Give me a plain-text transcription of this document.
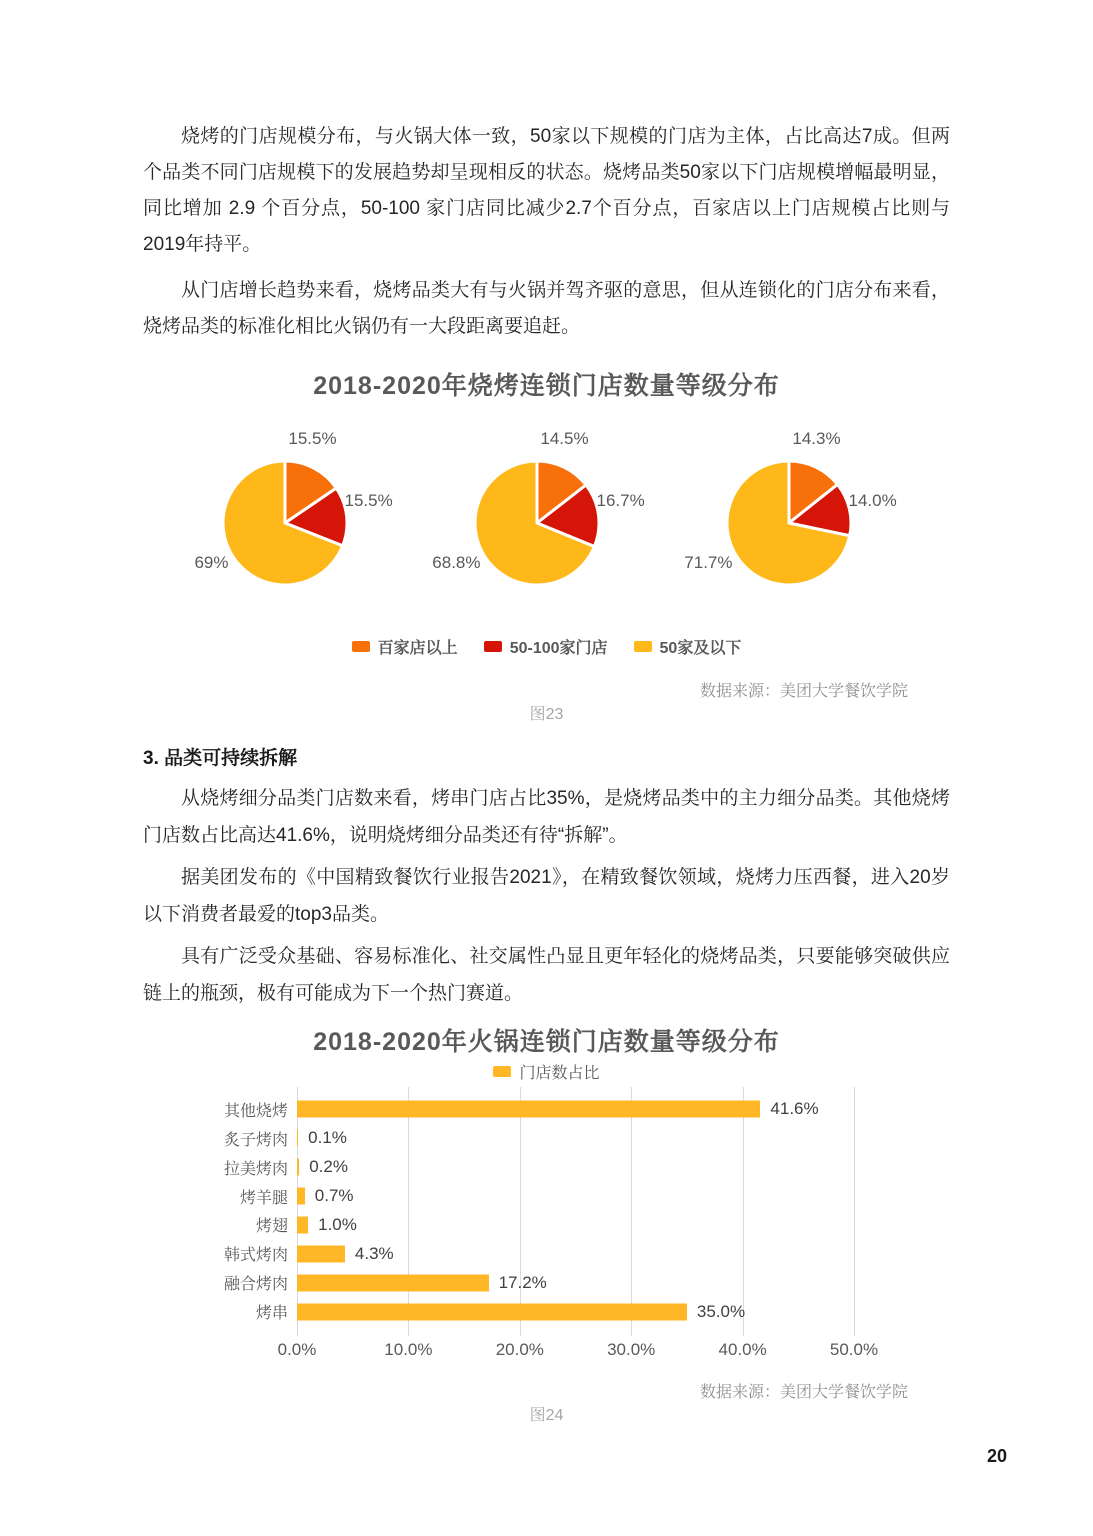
烧烤的门店规模分布，与火锅大体一致，50家以下规模的门店为主体，占比高达7成。但两个品类不同门店规模下的发展趋势却呈现相反的状态。烧烤品类50家以下门店规模增幅最明显，同比增加 2.9 个百分点，50-100 家门店同比减少2.7个百分点，百家店以上门店规模占比则与2019年持平。

从门店增长趋势来看，烧烤品类大有与火锅并驾齐驱的意思，但从连锁化的门店分布来看，烧烤品类的标准化相比火锅仍有一大段距离要追赶。

2018-2020年烧烤连锁门店数量等级分布
15.5%
15.5%
69%
14.5%
16.7%
68.8%
14.3%
14.0%
71.7%
百家店以上	50-100家门店	50家及以下
数据来源：美团大学餐饮学院
图23
3. 品类可持续拆解

从烧烤细分品类门店数来看，烤串门店占比35%，是烧烤品类中的主力细分品类。其他烧烤门店数占比高达41.6%，说明烧烤细分品类还有待“拆解”。

据美团发布的《中国精致餐饮行业报告2021》，在精致餐饮领域，烧烤力压西餐，进入20岁以下消费者最爱的top3品类。

具有广泛受众基础、容易标准化、社交属性凸显且更年轻化的烧烤品类，只要能够突破供应链上的瓶颈，极有可能成为下一个热门赛道。

2018-2020年火锅连锁门店数量等级分布
门店数占比
其他烧烤
炙子烤肉
拉美烤肉
烤羊腿
烤翅
韩式烤肉
融合烤肉
烤串
41.6%
0.1%
0.2%
0.7%
1.0%
4.3%
17.2%
35.0%
0.0%	10.0%	20.0%	30.0%	40.0%	50.0%
数据来源：美团大学餐饮学院
图24
20
